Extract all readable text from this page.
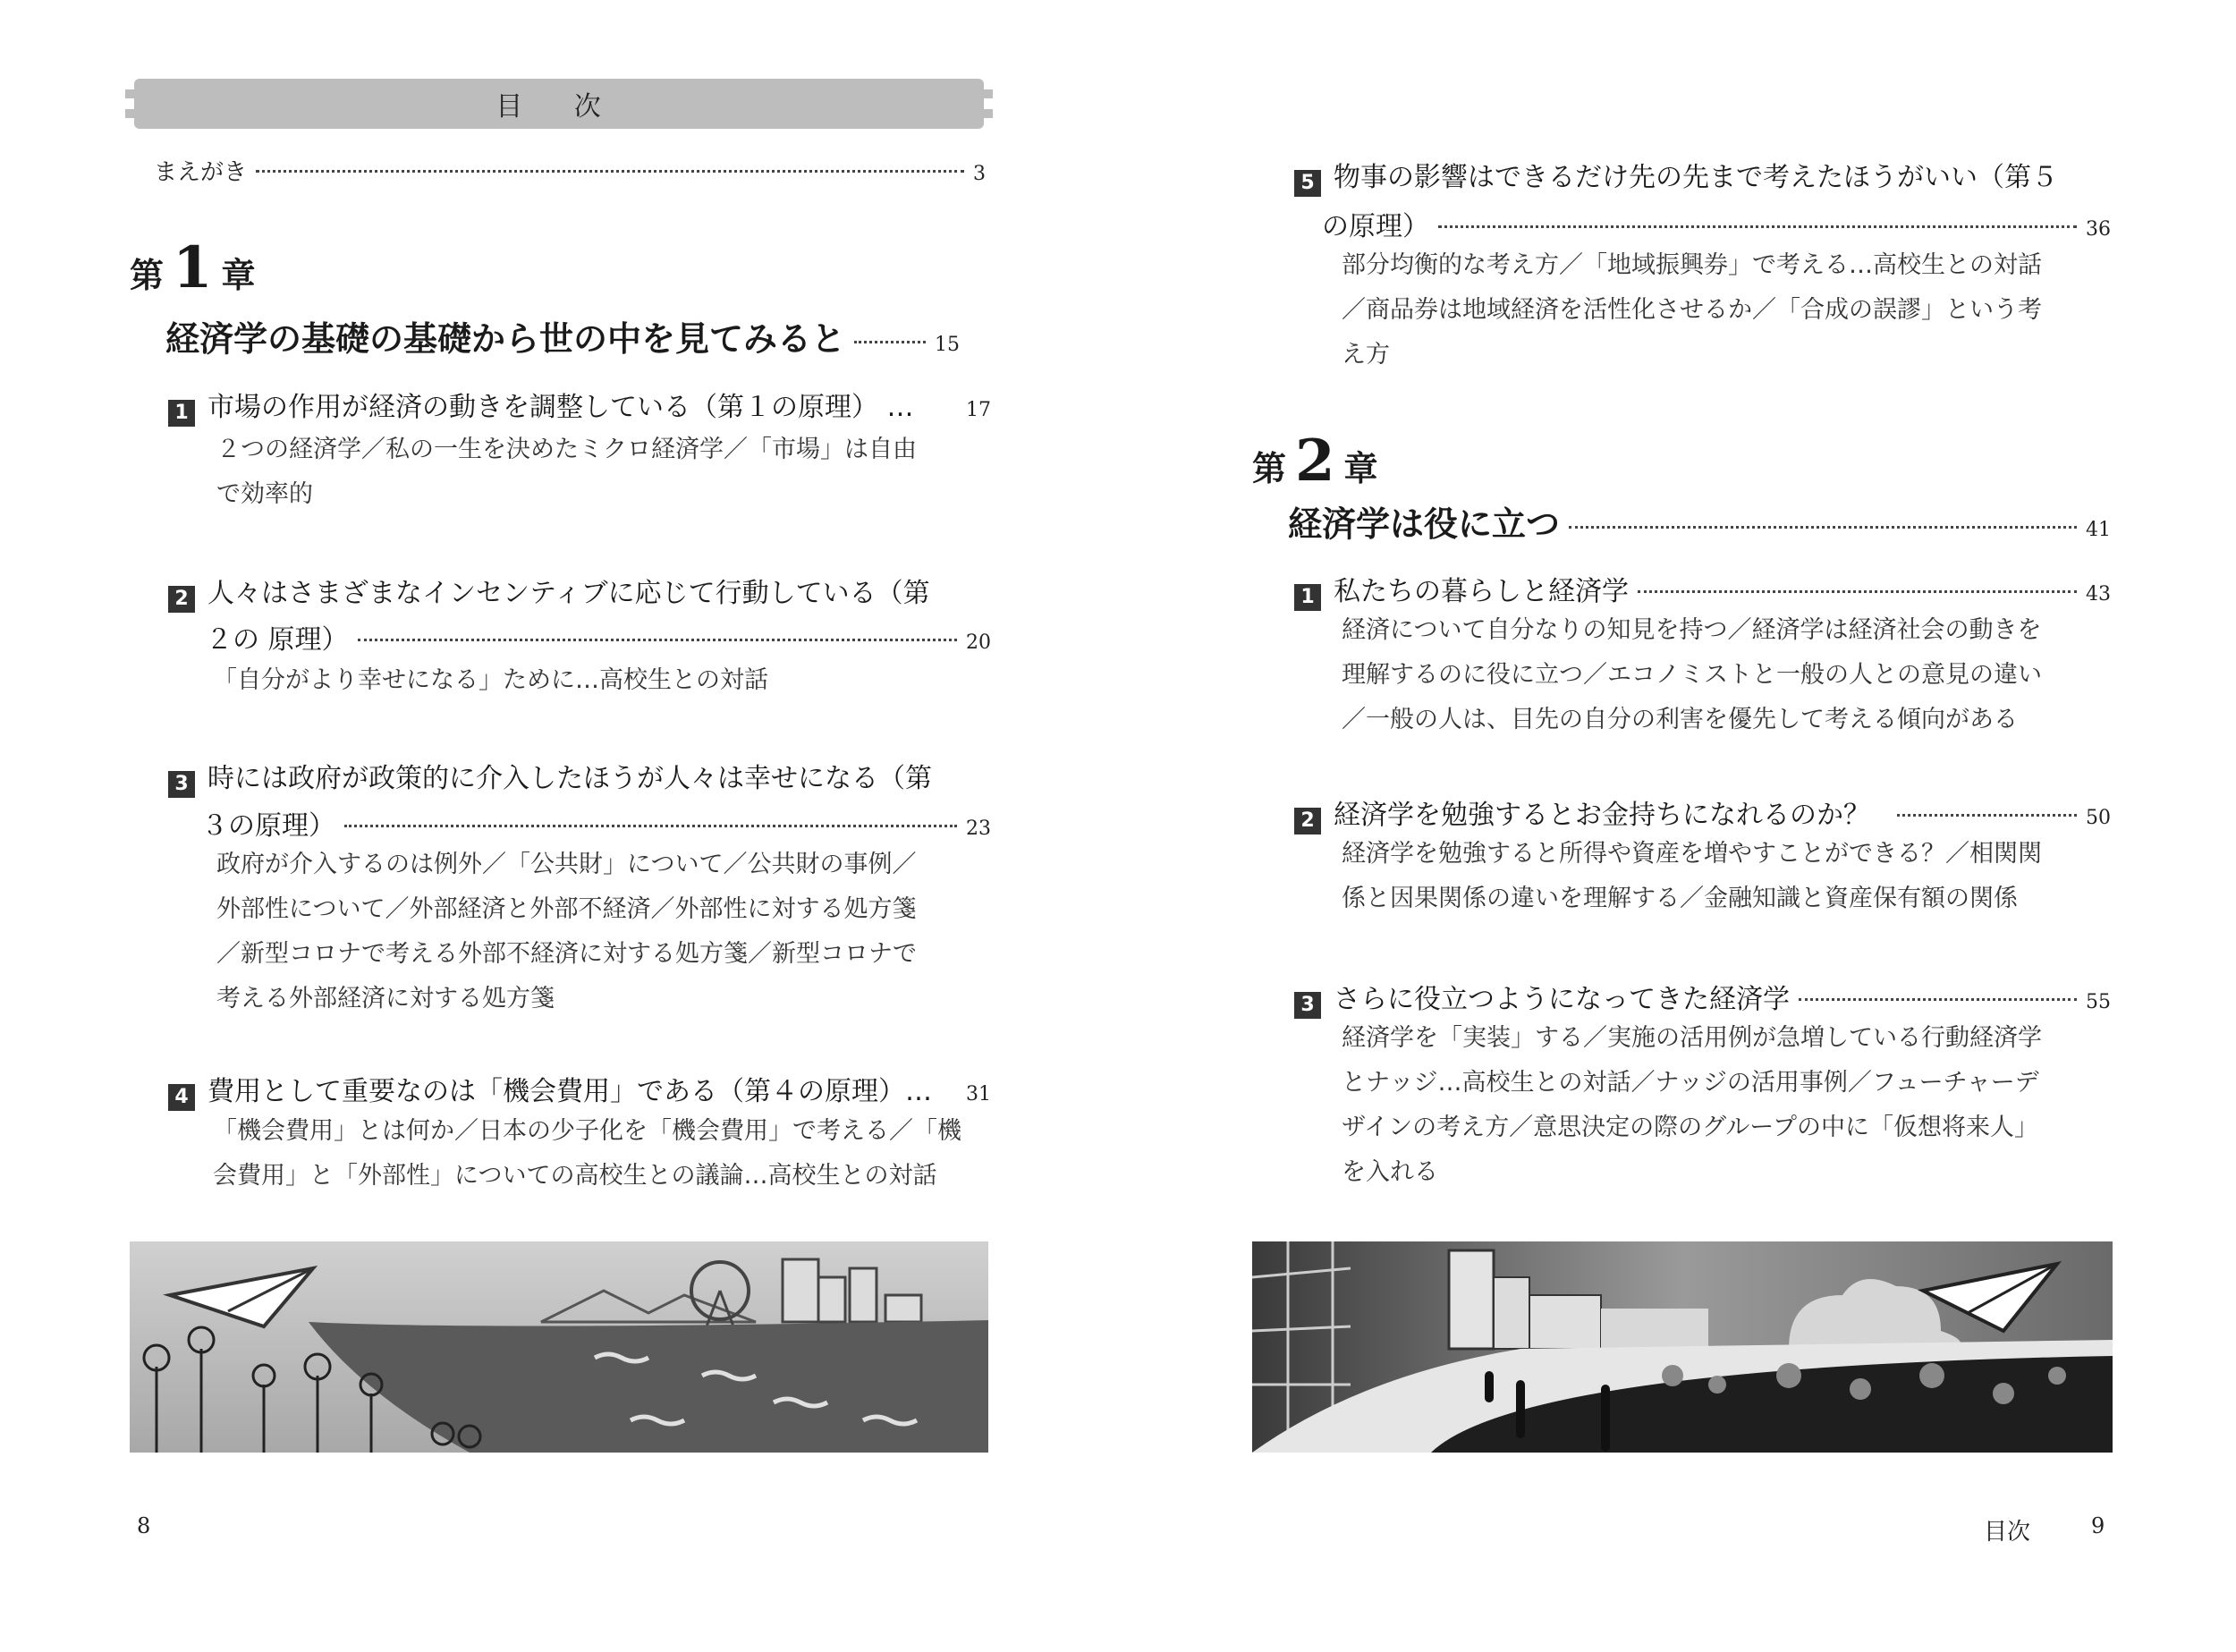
目 次
まえがき	3
第 1 章
経済学の基礎の基礎から世の中を見てみると	15
1 市場の作用が経済の動きを調整している（第１の原理） …	17
２つの経済学／私の一生を決めたミクロ経済学／「市場」は自由
で効率的
2 人々はさまざまなインセンティブに応じて行動している（第
２の 原理）	20
「自分がより幸せになる」ために…高校生との対話
3 時には政府が政策的に介入したほうが人々は幸せになる（第
３の原理）	23
政府が介入するのは例外／「公共財」について／公共財の事例／
外部性について／外部経済と外部不経済／外部性に対する処方箋
／新型コロナで考える外部不経済に対する処方箋／新型コロナで
考える外部経済に対する処方箋
4 費用として重要なのは「機会費用」である（第４の原理）… 31
「機会費用」とは何か／日本の少子化を「機会費用」で考える／「機
会費用」と「外部性」についての高校生との議論…高校生との対話
8
5 物事の影響はできるだけ先の先まで考えたほうがいい（第５
の原理）	36
部分均衡的な考え方／「地域振興券」で考える…高校生との対話
／商品券は地域経済を活性化させるか／「合成の誤謬」という考
え方
第 2 章
経済学は役に立つ	41
1 私たちの暮らしと経済学	43
経済について自分なりの知見を持つ／経済学は経済社会の動きを
理解するのに役に立つ／エコノミストと一般の人との意見の違い
／一般の人は、目先の自分の利害を優先して考える傾向がある
2 経済学を勉強するとお金持ちになれるのか？	50
経済学を勉強すると所得や資産を増やすことができる？／相関関
係と因果関係の違いを理解する／金融知識と資産保有額の関係
3 さらに役立つようになってきた経済学	55
経済学を「実装」する／実施の活用例が急増している行動経済学
とナッジ…高校生との対話／ナッジの活用事例／フューチャーデ
ザインの考え方／意思決定の際のグループの中に「仮想将来人」
を入れる
目次	9
